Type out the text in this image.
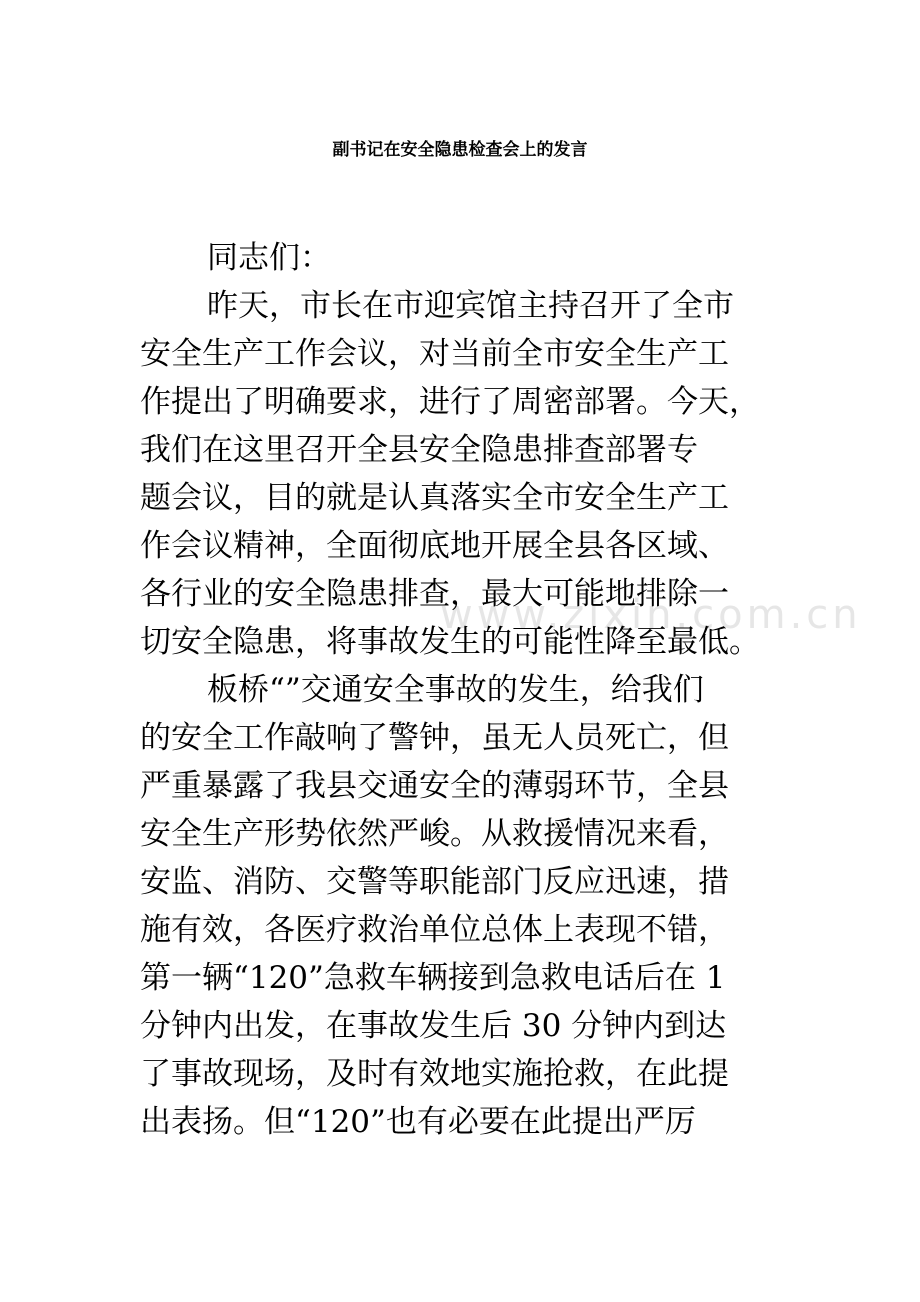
www.zixin.com.cn
副书记在安全隐患检查会上的发言
同志们：
昨天，市长在市迎宾馆主持召开了全市
安全生产工作会议，对当前全市安全生产工
作提出了明确要求，进行了周密部署。今天，
我们在这里召开全县安全隐患排查部署专
题会议，目的就是认真落实全市安全生产工
作会议精神，全面彻底地开展全县各区域、
各行业的安全隐患排查，最大可能地排除一
切安全隐患，将事故发生的可能性降至最低。
板桥“”交通安全事故的发生，给我们
的安全工作敲响了警钟，虽无人员死亡，但
严重暴露了我县交通安全的薄弱环节，全县
安全生产形势依然严峻。从救援情况来看，
安监、消防、交警等职能部门反应迅速，措
施有效，各医疗救治单位总体上表现不错，
第一辆“120”急救车辆接到急救电话后在 1
分钟内出发，在事故发生后 30 分钟内到达
了事故现场，及时有效地实施抢救，在此提
出表扬。但“120”也有必要在此提出严厉
